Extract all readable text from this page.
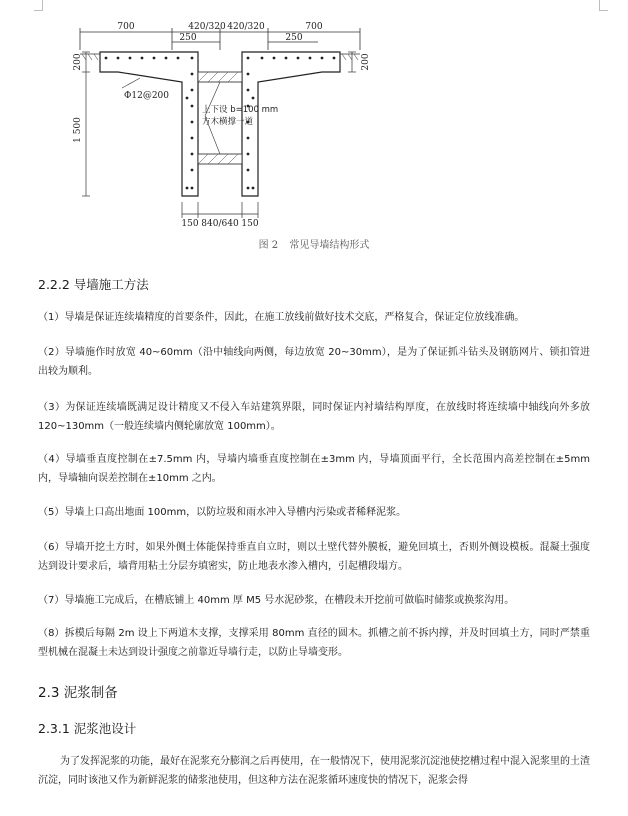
700
250
420/320 420/320
250
700
200	200
1 500
Φ12@200
上下设 b=100 mm
方木横撑一道
150 840/640 150
图 2 常见导墙结构形式
2.2.2 导墙施工方法
（1）导墙是保证连续墙精度的首要条件，因此，在施工放线前做好技术交底，严格复合，保证定位放线准确。
（2）导墙施作时放宽 40~60mm（沿中轴线向两侧，每边放宽 20~30mm），是为了保证抓斗钻头及钢筋网片、锁扣管进出较为顺利。
（3）为保证连续墙既满足设计精度又不侵入车站建筑界限，同时保证内衬墙结构厚度，在放线时将连续墙中轴线向外多放 120~130mm（一般连续墙内侧轮廓放宽 100mm）。
（4）导墙垂直度控制在±7.5mm 内，导墙内墙垂直度控制在±3mm 内，导墙顶面平行，全长范围内高差控制在±5mm 内，导墙轴向误差控制在±10mm 之内。
（5）导墙上口高出地面 100mm，以防垃圾和雨水冲入导槽内污染或者稀释泥浆。
（6）导墙开挖土方时，如果外侧土体能保持垂直自立时，则以土壁代替外膜板，避免回填土，否则外侧设模板。混凝土强度达到设计要求后，墙背用粘土分层夯填密实，防止地表水渗入槽内，引起槽段塌方。
（7）导墙施工完成后，在槽底铺上 40mm 厚 M5 号水泥砂浆，在槽段未开挖前可做临时储浆或换浆沟用。
（8）拆模后每隔 2m 设上下两道木支撑，支撑采用 80mm 直径的圆木。抓槽之前不拆内撑，并及时回填土方，同时严禁重型机械在混凝土未达到设计强度之前靠近导墙行走，以防止导墙变形。
2.3 泥浆制备
2.3.1 泥浆池设计
为了发挥泥浆的功能，最好在泥浆充分膨润之后再使用，在一般情况下，使用泥浆沉淀池使挖槽过程中混入泥浆里的土渣沉淀，同时该池又作为新鲜泥浆的储浆池使用，但这种方法在泥浆循环速度快的情况下，泥浆会得
